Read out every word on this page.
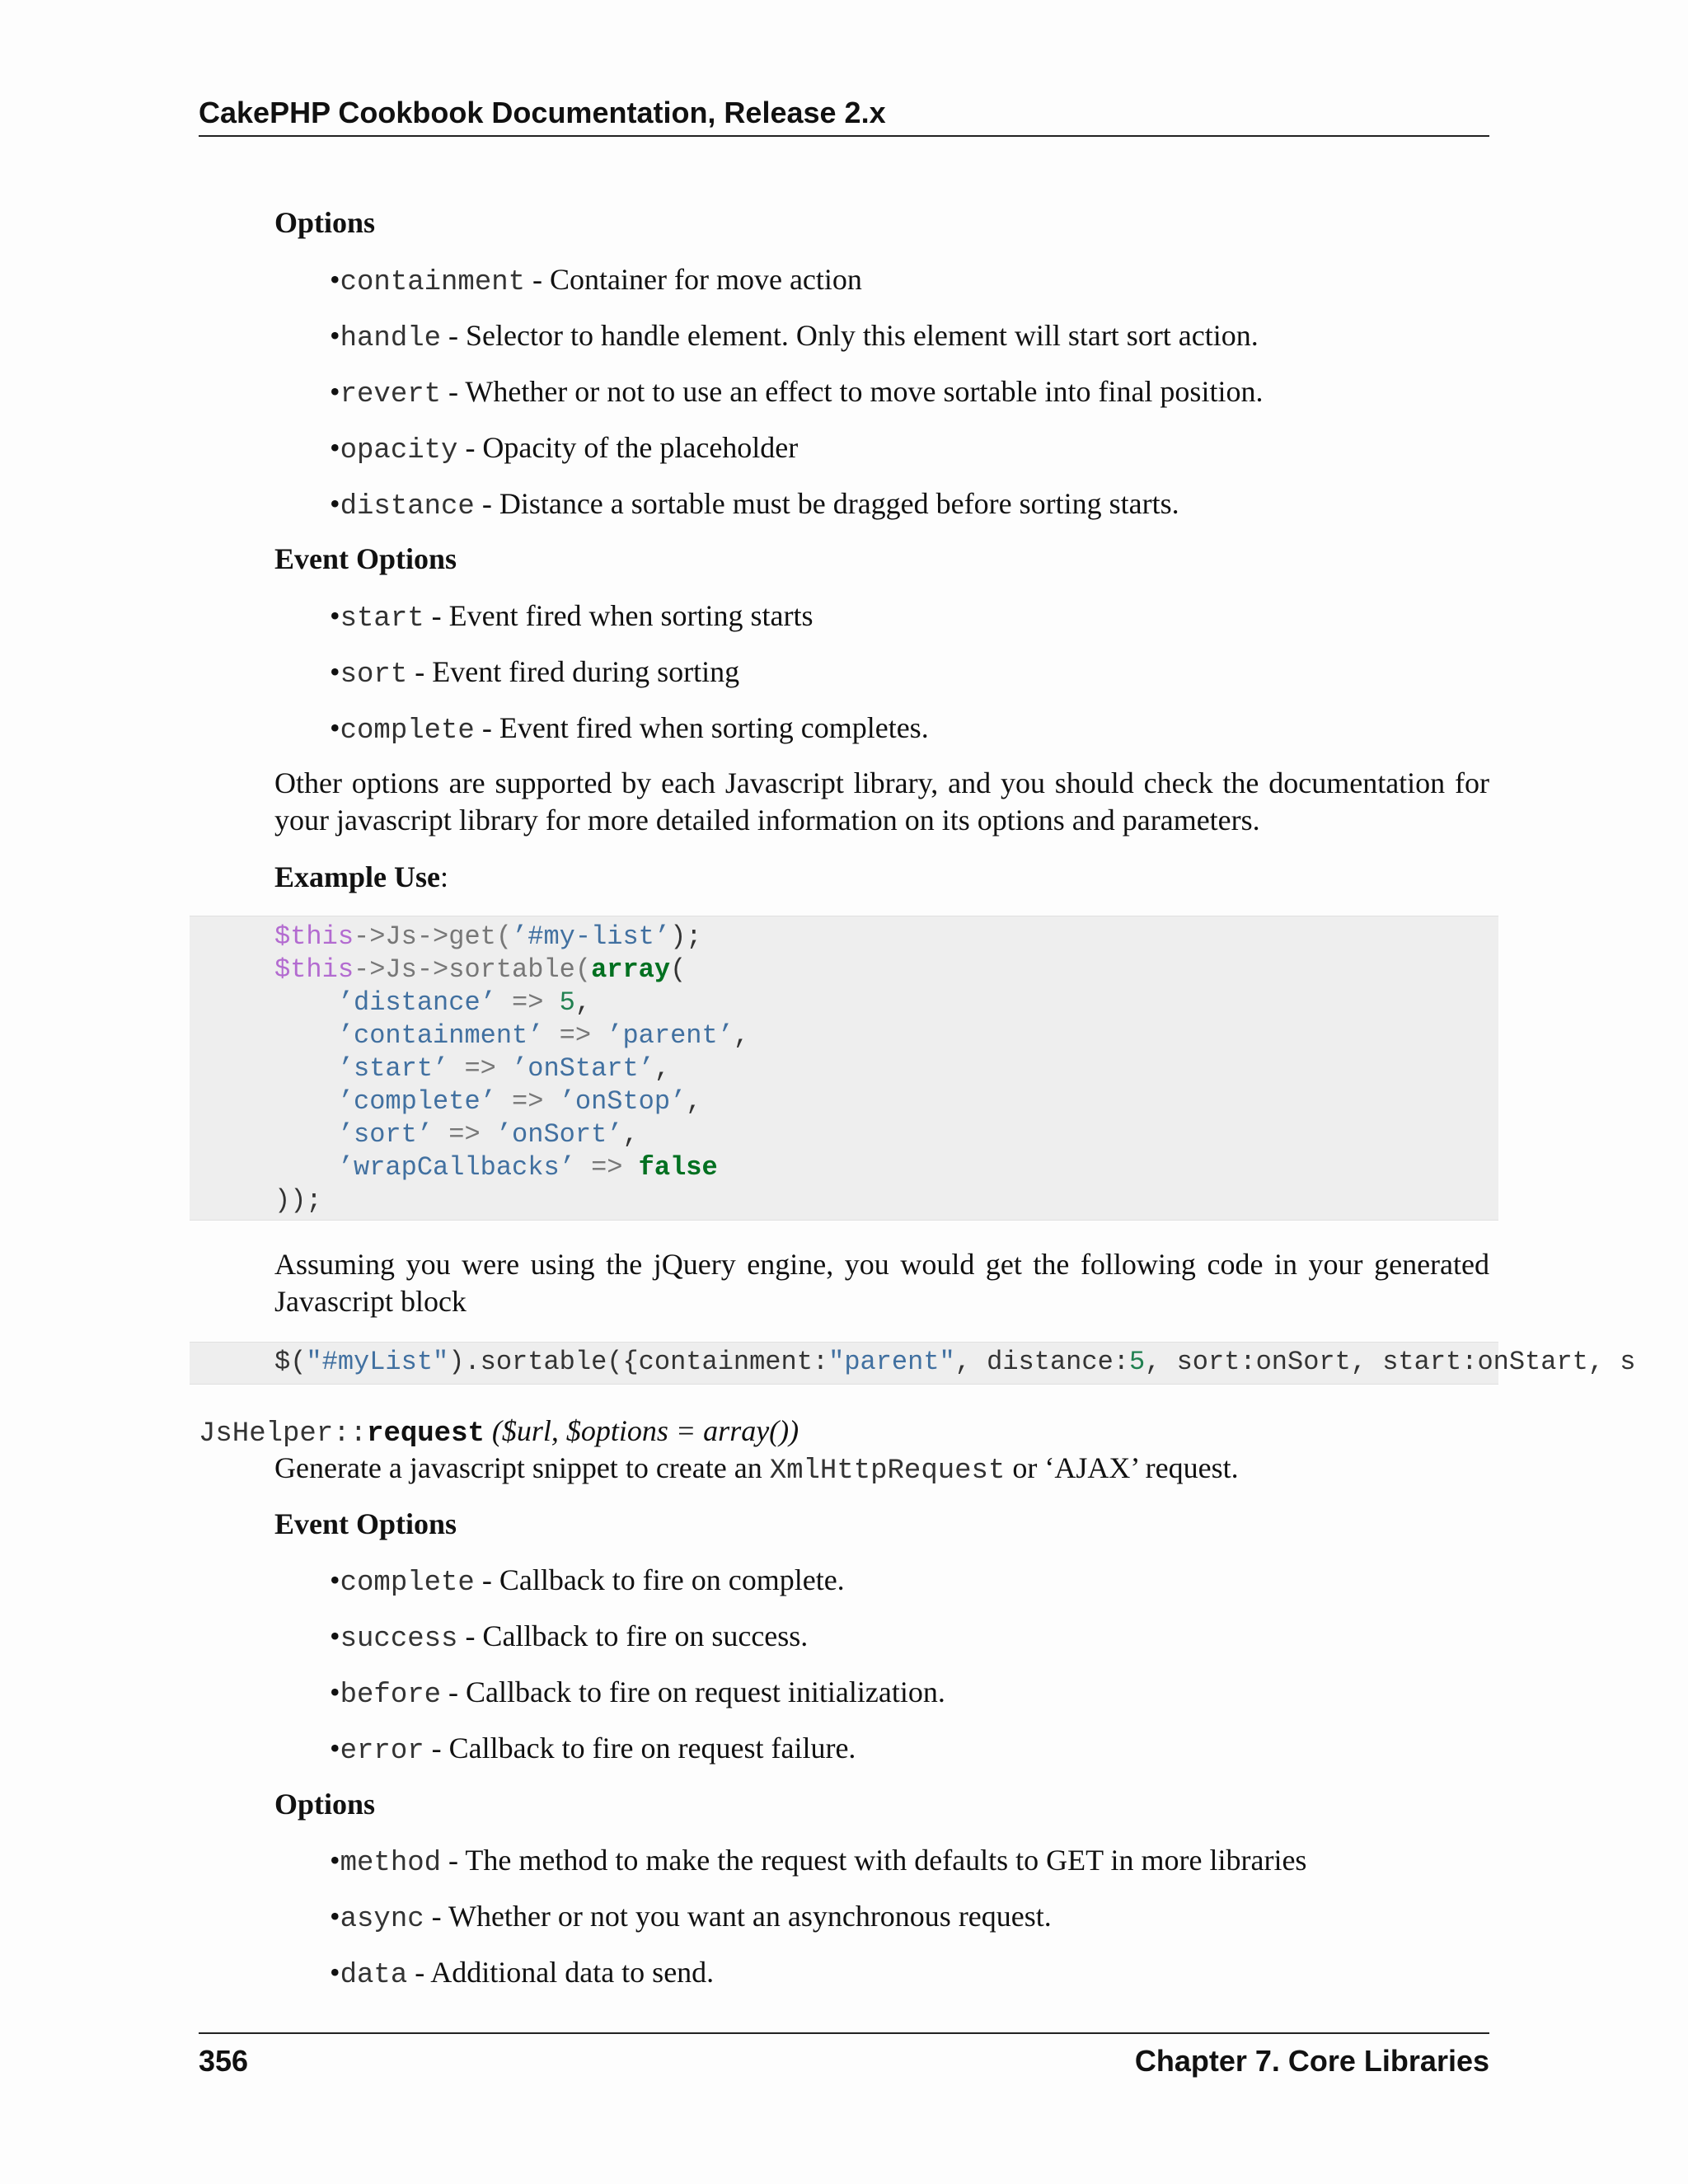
CakePHP Cookbook Documentation, Release 2.x
Options
•containment - Container for move action
•handle - Selector to handle element. Only this element will start sort action.
•revert - Whether or not to use an effect to move sortable into final position.
•opacity - Opacity of the placeholder
•distance - Distance a sortable must be dragged before sorting starts.
Event Options
•start - Event fired when sorting starts
•sort - Event fired during sorting
•complete - Event fired when sorting completes.
Other options are supported by each Javascript library, and you should check the documentation for your javascript library for more detailed information on its options and parameters.
Example Use:
$this->Js->get(’#my-list’);
$this->Js->sortable(array(
’distance’ => 5,
’containment’ => ’parent’,
’start’ => ’onStart’,
’complete’ => ’onStop’,
’sort’ => ’onSort’,
’wrapCallbacks’ => false
));
Assuming you were using the jQuery engine, you would get the following code in your generated Javascript block
$("#myList").sortable({containment:"parent", distance:5, sort:onSort, start:onStart, s
JsHelper::request ($url, $options = array())
Generate a javascript snippet to create an XmlHttpRequest or ‘AJAX’ request.
Event Options
•complete - Callback to fire on complete.
•success - Callback to fire on success.
•before - Callback to fire on request initialization.
•error - Callback to fire on request failure.
Options
•method - The method to make the request with defaults to GET in more libraries
•async - Whether or not you want an asynchronous request.
•data - Additional data to send.
356	Chapter 7. Core Libraries
